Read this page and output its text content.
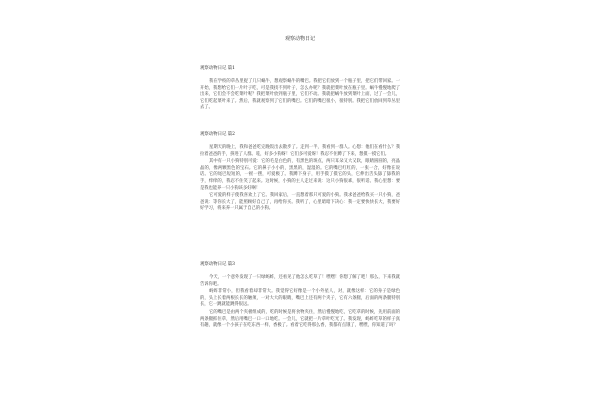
观察动物日记
观察动物日记 篇1

我在学校的草丛里捉了几只蜗牛，想观察蜗牛的嘴巴。我把它们放到一个瓶子里，把它们带回家。一开始，我想给它们一片叶子吃，可是我找不到叶子，怎么办呢？我就把菜叶放在瓶子里。蜗牛慢慢地爬了出来，它们会不会吃菜叶呢？我把菜叶放到瓶子里，它们不动。我就把蜗牛放到菜叶上面，过了一会儿，它们吃起菜叶来了。然后，我就观察到了它们的嘴巴。它们的嘴巴很小，很特别。我把它们放回到草丛里去了。

观察动物日记 篇2

星期天的晚上，我和爸爸吃完晚饭出去散步了。走到一半，我看到一群人。心想：他们在看什么？我拉着爸爸的手，挤进了人群。哇，好多小狗呀！它们多可爱呀！我忍不住蹲了下来，想摸一摸它们。

其中有一只小狗特别可爱：它的毛是白色的，有黑色的斑点，两只耳朵又大又软，眼睛圆圆的，亮晶晶的，像两颗黑色的宝石。它的鼻子小小的，黑黑的，湿湿的。它的嘴巴红红的，一张一合，好像在说话。它的尾巴短短的，一摇一摆，可爱极了。我蹲下身子，用手摸了摸它的头，它伸出舌头舔了舔我的手，痒痒的，我忍不住笑了起来。这时候，小狗的主人走过来说：这只小狗很乖，很听话。我心里想：要是我也能养一只小狗该多好啊！

它可爱的样子使我喜欢上了它。我回家后，一直想着那只可爱的小狗。我求爸爸给我买一只小狗，爸爸说：等你长大了，能照顾好自己了，再给你买。我听了，心里暗暗下决心：我一定要快快长大，我要好好学习，将来养一只属于自己的小狗。

观察动物日记 篇3

今天，一个意外发现了一只绿蚂蚱，还看见了他怎么吃草了！嘿嘿！你想了解了吧！那么，下来我就告诉你吧。

蚂蚱非常小，但我看着却非常大。我觉得它好像是一个小外星人，对，就像这样：它的身子是绿色的，头上长着两根长长的触须，一对大大的眼睛，嘴巴上还有两个夹子，它有六条腿，后面的两条腿特别长，它一跳就能跳得很远。

它的嘴巴是由两个夹板组成的，吃的时候是将食物夹住，然后慢慢地吃，它吃草的时候，先用前面的两条腿抓住草，然后用嘴巴一口一口地吃。一会儿，它就把一片草叶吃光了。我发现，蚂蚱吃草的样子真有趣，就像一个小孩子在吃东西一样，香极了。看着它吃得那么香，我都有点饿了，嘿嘿，你知道了吗？
